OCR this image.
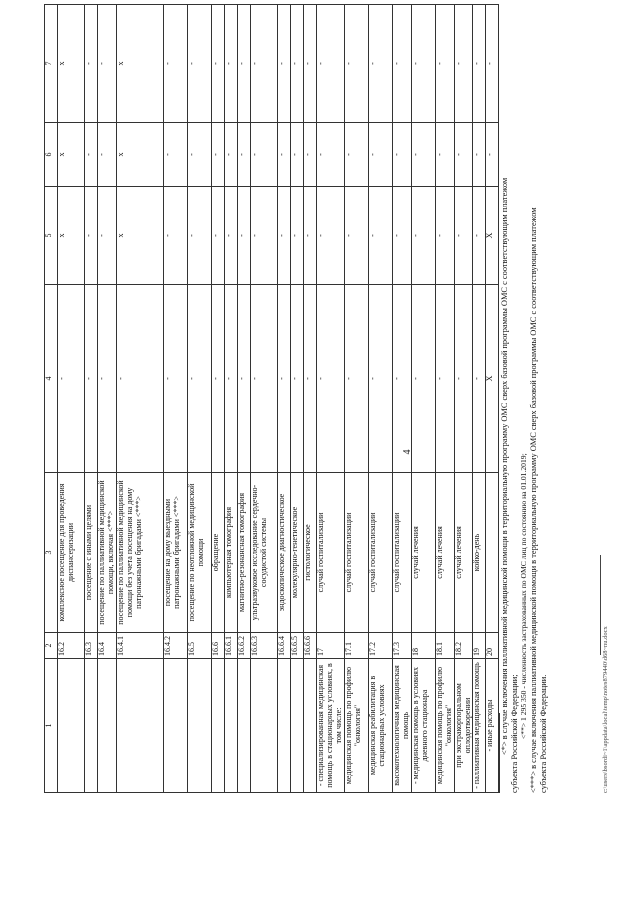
4
1	2	3	4	5	6	7
	16.2	комплексное посещение для проведения диспансеризации	-	х	х	х
	16.3	посещение с иными целями	-	-	-	-
	16.4	посещение по паллиативной медицинской помощи, включая <***>	-	-	-	-
	16.4.1	посещение по паллиативной медицинской помощи без учета посещения на дому патронажными бригадами <***>	-	х	х	х
	16.4.2	посещение на дому выездными патронажными бригадами <***>	-	-	-	-
	16.5	посещение по неотложной медицинской помощи	-	-	-	-
	16.6	обращение	-	-	-	-
	16.6.1	компьютерная томография	-	-	-	-
	16.6.2	магнитно-резонансная томография	-	-	-	-
	16.6.3	ультразвуковое исследование сердечно-сосудистой системы	-	-	-	-
	16.6.4	эндоскопическое диагностическое	-	-	-	-
	16.6.5	молекулярно-генетическое	-	-	-	-
	16.6.6	гистологическое	-	-	-	-
- специализированная медицинская помощь в стационарных условиях, в том числе:	17	случай госпитализации	-	-	-	-
медицинская помощь по профилю "онкология"	17.1	случай госпитализации	-	-	-	-
медицинская реабилитация в стационарных условиях	17.2	случай госпитализации	-	-	-	-
высокотехнологичная медицинская помощь	17.3	случай госпитализации	-	-	-	-
- медицинская помощь в условиях дневного стационара	18	случай лечения	-	-	-	-
медицинская помощь по профилю "онкология"	18.1	случай лечения	-	-	-	-
при экстракорпоральном оплодотворении	18.2	случай лечения	-	-	-	-
- паллиативная медицинская помощь	19	койко-день	-	-	-	-
- иные расходы	20		X	X	-	-
<*> в случае включения паллиативной медицинской помощи в территориальную программу ОМС сверх базовой программы ОМС с соответствующим платежом субъекта Российской Федерации; <**> 1 295 350 - численность застрахованных по ОМС лиц по состоянию на 01.01.2019; <***> в случае включения паллиативной медицинской помощи в территориальную программу ОМС сверх базовой программы ОМС с соответствующим платежом субъекта Российской Федерации.	c:\users\bsordi~1\appdata\local\temp\notes879440\d68~nu.docx
